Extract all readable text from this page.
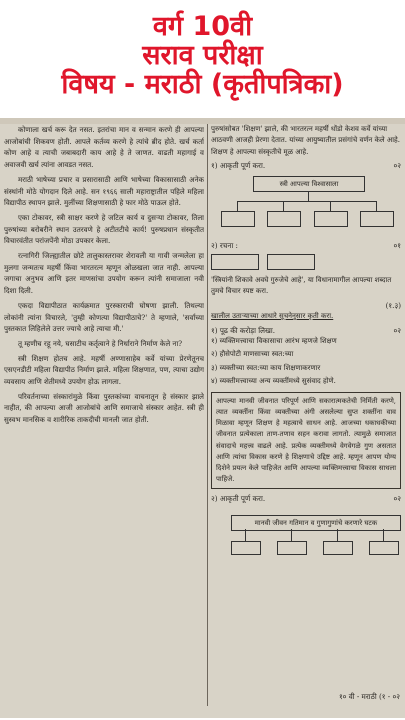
वर्ग 10वी
सराव परीक्षा
विषय - मराठी (कृतीपत्रिका)

कोणाला खर्च करू देत नसत. इतरांचा मान व सन्मान करणे ही आपल्या आजोबांची शिकवण होती. आपले कर्तव्य करणे हे त्यांचे ब्रीद होते. खर्च कर्ता कोण आहे व त्याची जबाबदारी काय आहे हे ते जाणत. वाढती महागाई व अवाजवी खर्च त्यांना आवडत नसत.

मराठी भाषेच्या प्रचार व प्रसारासाठी आणि भाषेच्या विकासासाठी अनेक संस्थांनी मोठे योगदान दिले आहे. सन १९६६ साली महाराष्ट्रातील पहिले महिला विद्यापीठ स्थापन झाले. मुलींच्या शिक्षणासाठी हे फार मोठे पाऊल होते.

एका टोकावर, स्त्री साक्षर करणे हे जटिल कार्य व दुसऱ्या टोकावर, तिला पुरुषांच्या बरोबरीने स्थान उतरवणे हे अटीतटीचे कार्य! पुरुषप्रधान संस्कृतीत विचारवंतीत परांजपेंनी मोठा उपकार केला.

रत्नागिरी जिल्ह्यातील छोटे तालुकास्तरावर शेरावली या गावी जन्मलेला हा मुलगा जन्मतःच महर्षी किंवा भारतरत्न म्हणून ओळखला जात नाही. आपल्या जगाचा अनुभव आणि इतर माणसांचा उपयोग करून त्यांनी समाजाला नवी दिशा दिली.

एकदा विद्यापीठात कार्यक्रमात पुरस्काराची घोषणा झाली. तिथल्या लोकांनी त्यांना विचारले, 'तुम्ही कोणत्या विद्यापीठाचे?' ते म्हणाले, 'सर्वांच्या पुस्तकात लिहिलेले उत्तर ज्याचे आहे त्याचा मी.'

तू म्हणीच रहू नये, घसाटीच कर्तृत्वाने हे निर्धाराने निर्माण केले ना?

स्त्री शिक्षण होतच आहे. महर्षी अण्णासाहेब कर्वे यांच्या प्रेरणेतूनच एसएनडीटी महिला विद्यापीठ निर्माण झाले. महिला शिक्षणात, पण, त्याचा उद्योग व्यवसाय आणि शेतीमध्ये उपयोग होऊ लागला.

परिवर्तनाच्या संस्कारांमुळे किंवा पुस्तकांच्या वाचनातून हे संस्कार झाले नाहीत, की आपल्या आजी आजोबांचे आणि समाजाचे संस्कार आहेत. स्त्री ही सुस्वभ मानसिक व शारीरिक ताकदीची मानली जात होती.

पुरुषांसोबत 'शिक्षण' झाले, की भारतरत्न महर्षी धोंडो केशव कर्वे यांच्या आठवणी आजही प्रेरणा देतात. यांच्या आयुष्यातील प्रसंगांचे वर्णन केले आहे. शिक्षण हे आपल्या संस्कृतीचे मूळ आहे.

१) आकृती पूर्ण करा.	०२
स्त्री आपल्या विश्वासाला
२) रचना :	०१

'स्त्रियांनी शिकावे अवघे गुरुजेचे आहे', या विधानामागील आपल्या शब्दात तुमचे विचार स्पष्ट करा.

(१.३)

खालील उताऱ्याच्या आधारे सूचनेनुसार कृती करा.

१) पूढ की करोड़ा लिखा.	०२

१) व्यक्तिमत्त्वाचा विकासाचा आरंभ म्हणजे शिक्षण

२) हौसेपोटी माणसाच्या स्वत:च्या

३) व्यक्तीच्या स्वत:च्या काय शिक्षणाकरणार

४) व्यक्तीमत्त्वाच्या अन्य व्यक्तींमध्ये सुसंवाद होणे.

आपल्या मानवी जीवनात परिपूर्ण आणि सकारात्मकतेची निर्मिती करणे, त्यात व्यक्तींना किंवा व्यक्तीच्या अंगी असलेल्या सुप्त शक्तींना वाव मिळावा म्हणून शिक्षण हे महत्वाचे साधन आहे. आजच्या धकाधकीच्या जीवनात प्रत्येकाला ताण-तणाव सहन करावा लागतो. त्यामुळे समाजात संवादाचे महत्त्व वाढले आहे. प्रत्येक व्यक्तीमध्ये वेगवेगळे गुण असतात आणि त्यांचा विकास करणे हे शिक्षणाचे उद्दिष्ट आहे. म्हणून आपण योग्य दिशेने प्रयत्न केले पाहिजेत आणि आपल्या व्यक्तिमत्त्वाचा विकास साधला पाहिजे.
२) आकृती पूर्ण करा.	०२
मानवी जीवन गतिमान व गुणागुणांचे करणारे घटक
१० वी - मराठी (१ - ०२
